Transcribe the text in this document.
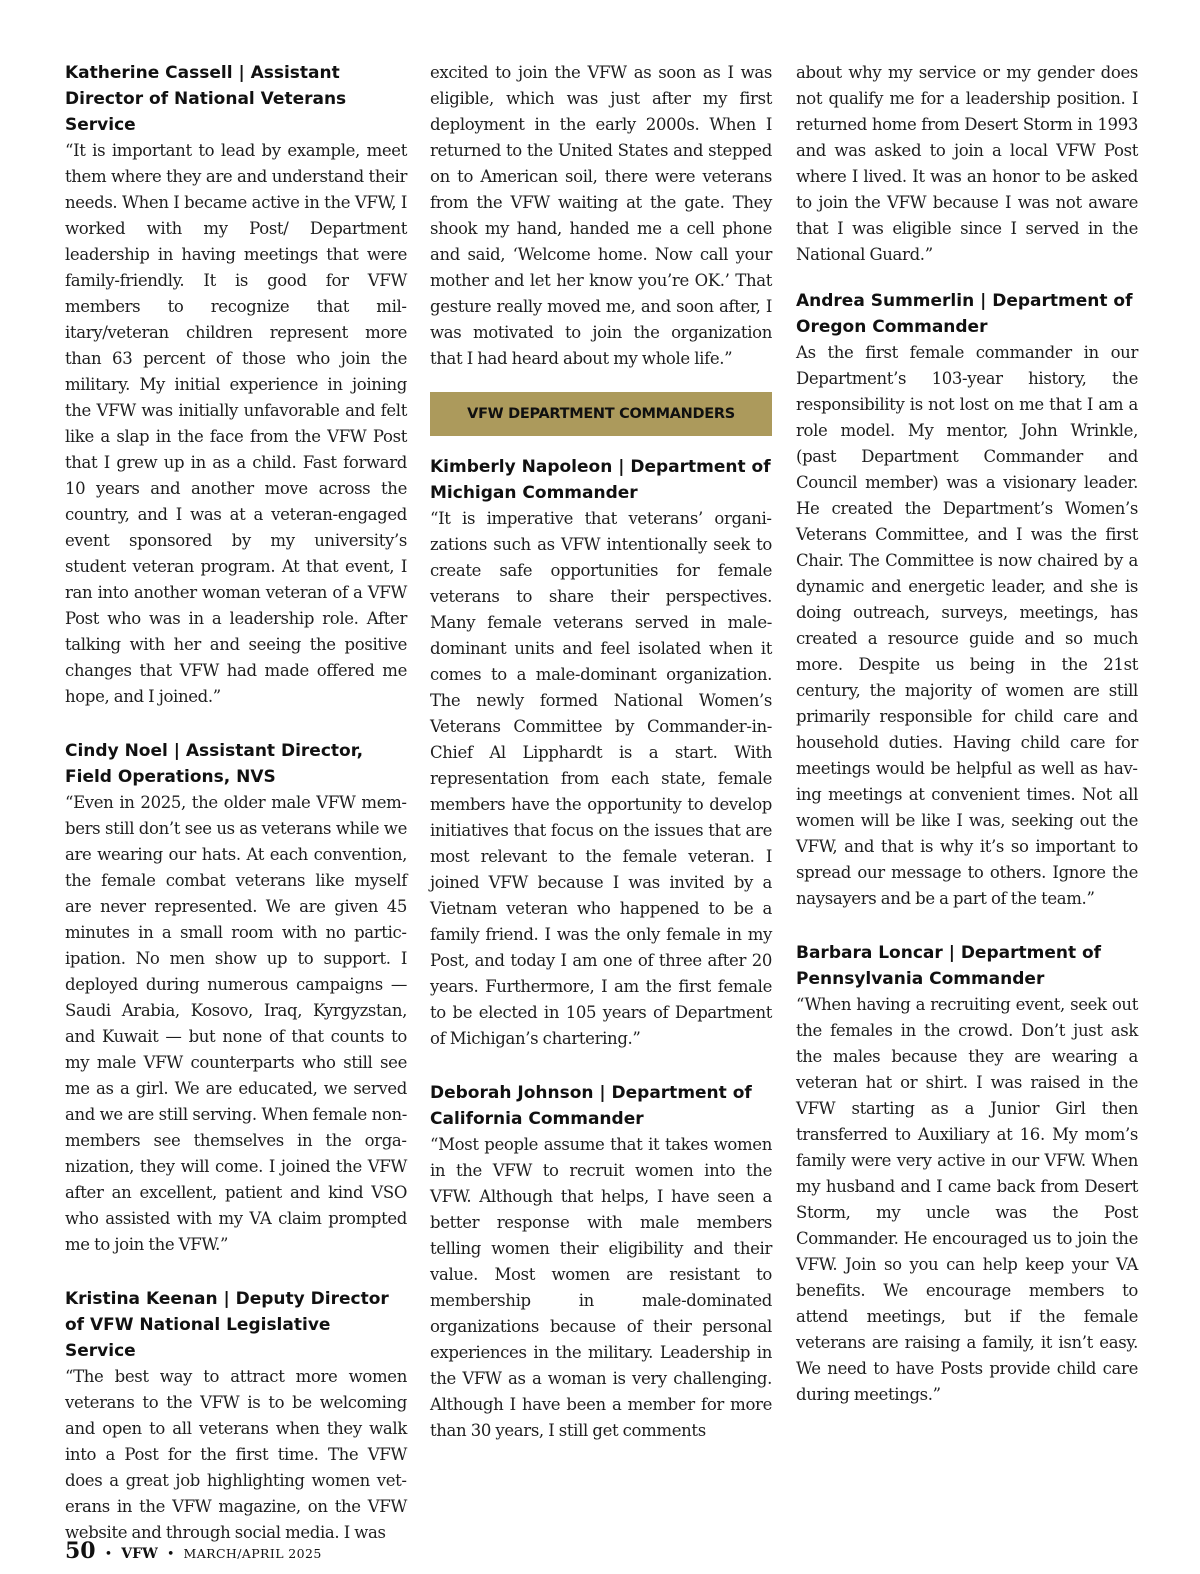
Katherine Cassell | Assistant Director of National Veterans Service

“It is important to lead by example, meet them where they are and understand their needs. When I became active in the VFW, I worked with my Post/ Department leadership in having meetings that were family-friendly. It is good for VFW members to recognize that military/veteran children represent more than 63 percent of those who join the military. My initial experience in joining the VFW was initially unfavorable and felt like a slap in the face from the VFW Post that I grew up in as a child. Fast forward 10 years and another move across the country, and I was at a veteran-engaged event sponsored by my university’s student veteran program. At that event, I ran into another woman veteran of a VFW Post who was in a leadership role. After talking with her and seeing the positive changes that VFW had made offered me hope, and I joined.”

Cindy Noel | Assistant Director, Field Operations, NVS

“Even in 2025, the older male VFW members still don’t see us as veterans while we are wearing our hats. At each convention, the female combat veterans like myself are never represented. We are given 45 minutes in a small room with no participation. No men show up to support. I deployed during numerous campaigns — Saudi Arabia, Kosovo, Iraq, Kyrgyzstan, and Kuwait — but none of that counts to my male VFW counterparts who still see me as a girl. We are educated, we served and we are still serving. When female non-members see themselves in the organization, they will come. I joined the VFW after an excellent, patient and kind VSO who assisted with my VA claim prompted me to join the VFW.”

Kristina Keenan | Deputy Director of VFW National Legislative Service

“The best way to attract more women veterans to the VFW is to be welcoming and open to all veterans when they walk into a Post for the first time. The VFW does a great job highlighting women veterans in the VFW magazine, on the VFW website and through social media. I was

excited to join the VFW as soon as I was eligible, which was just after my first deployment in the early 2000s. When I returned to the United States and stepped on to American soil, there were veterans from the VFW waiting at the gate. They shook my hand, handed me a cell phone and said, ‘Welcome home. Now call your mother and let her know you’re OK.’ That gesture really moved me, and soon after, I was motivated to join the organization that I had heard about my whole life.”

VFW DEPARTMENT COMMANDERS

Kimberly Napoleon | Department of Michigan Commander

“It is imperative that veterans’ organizations such as VFW intentionally seek to create safe opportunities for female veterans to share their perspectives. Many female veterans served in male-dominant units and feel isolated when it comes to a male-dominant organization. The newly formed National Women’s Veterans Committee by Commander-in-Chief Al Lipphardt is a start. With representation from each state, female members have the opportunity to develop initiatives that focus on the issues that are most relevant to the female veteran. I joined VFW because I was invited by a Vietnam veteran who happened to be a family friend. I was the only female in my Post, and today I am one of three after 20 years. Furthermore, I am the first female to be elected in 105 years of Department of Michigan’s chartering.”

Deborah Johnson | Department of California Commander

“Most people assume that it takes women in the VFW to recruit women into the VFW. Although that helps, I have seen a better response with male members telling women their eligibility and their value. Most women are resistant to membership in male-dominated organizations because of their personal experiences in the military. Leadership in the VFW as a woman is very challenging. Although I have been a member for more than 30 years, I still get comments

about why my service or my gender does not qualify me for a leadership position. I returned home from Desert Storm in 1993 and was asked to join a local VFW Post where I lived. It was an honor to be asked to join the VFW because I was not aware that I was eligible since I served in the National Guard.”

Andrea Summerlin | Department of Oregon Commander

As the first female commander in our Department’s 103-year history, the responsibility is not lost on me that I am a role model. My mentor, John Wrinkle, (past Department Commander and Council member) was a visionary leader. He created the Department’s Women’s Veterans Committee, and I was the first Chair. The Committee is now chaired by a dynamic and energetic leader, and she is doing outreach, surveys, meetings, has created a resource guide and so much more. Despite us being in the 21st century, the majority of women are still primarily responsible for child care and household duties. Having child care for meetings would be helpful as well as having meetings at convenient times. Not all women will be like I was, seeking out the VFW, and that is why it’s so important to spread our message to others. Ignore the naysayers and be a part of the team.”

Barbara Loncar | Department of Pennsylvania Commander

“When having a recruiting event, seek out the females in the crowd. Don’t just ask the males because they are wearing a veteran hat or shirt. I was raised in the VFW starting as a Junior Girl then transferred to Auxiliary at 16. My mom’s family were very active in our VFW. When my husband and I came back from Desert Storm, my uncle was the Post Commander. He encouraged us to join the VFW. Join so you can help keep your VA benefits. We encourage members to attend meetings, but if the female veterans are raising a family, it isn’t easy. We need to have Posts provide child care during meetings.”

50 • VFW • MARCH/APRIL 2025
